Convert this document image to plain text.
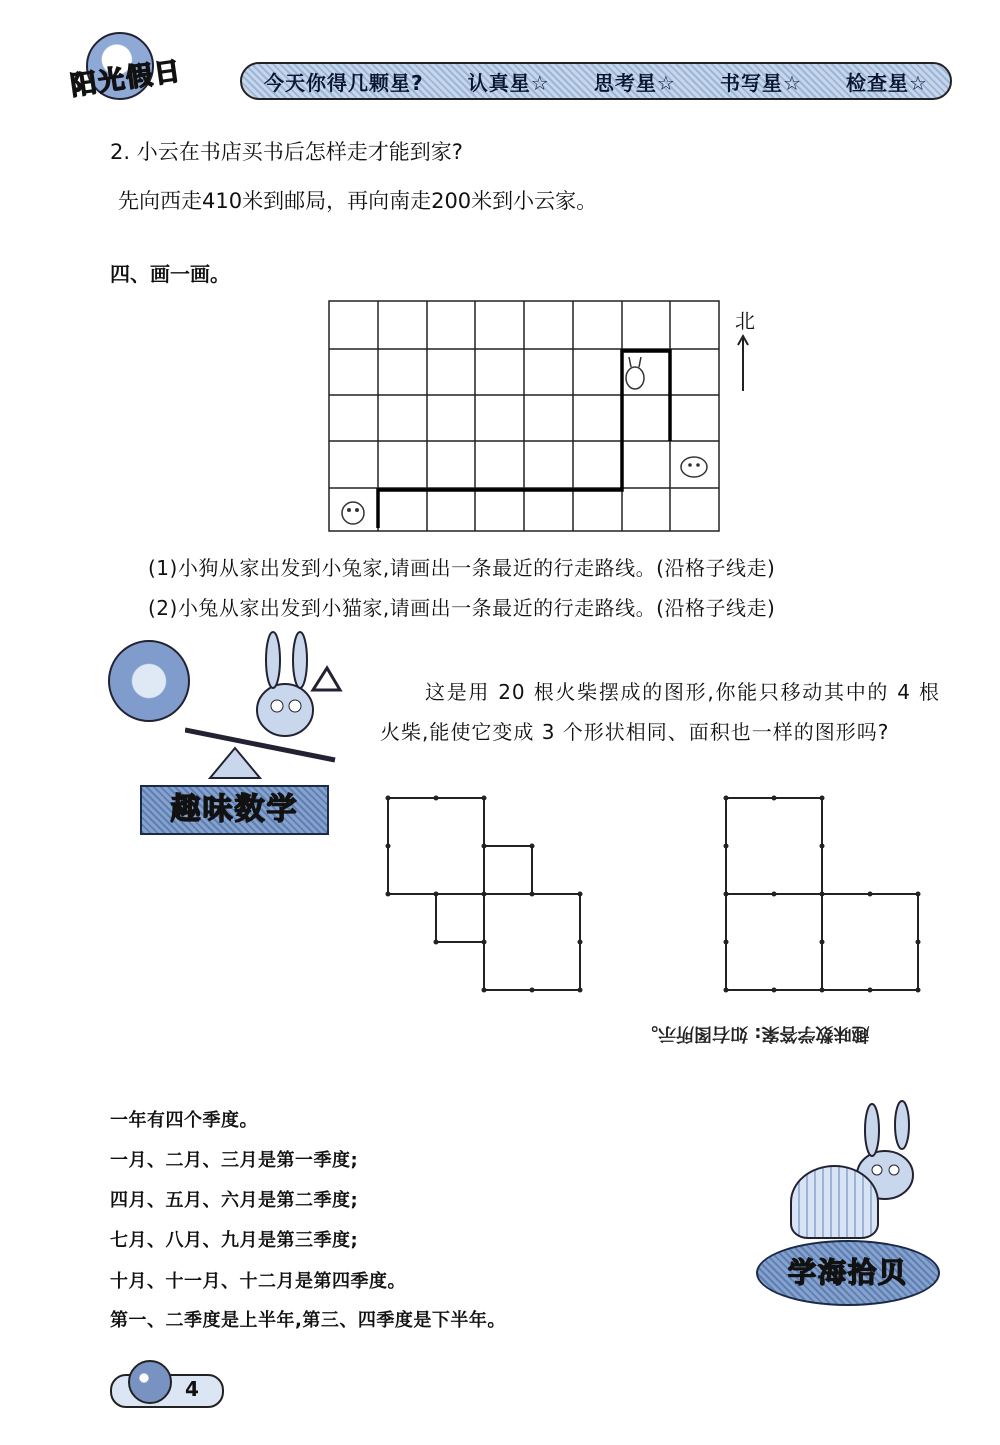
阳光假日	今天你得几颗星? 认真星☆ 思考星☆ 书写星☆ 检查星☆
2. 小云在书店买书后怎样走才能到家?
先向西走410米到邮局，再向南走200米到小云家。
四、画一画。
北
(1)小狗从家出发到小兔家,请画出一条最近的行走路线。(沿格子线走)
(2)小兔从家出发到小猫家,请画出一条最近的行走路线。(沿格子线走)
趣味数学
这是用 20 根火柴摆成的图形,你能只移动其中的 4 根火柴,能使它变成 3 个形状相同、面积也一样的图形吗?
趣味数学答案: 如右图所示。
一年有四个季度。
一月、二月、三月是第一季度;
四月、五月、六月是第二季度;
七月、八月、九月是第三季度;
十月、十一月、十二月是第四季度。
第一、二季度是上半年,第三、四季度是下半年。
学海拾贝
4
